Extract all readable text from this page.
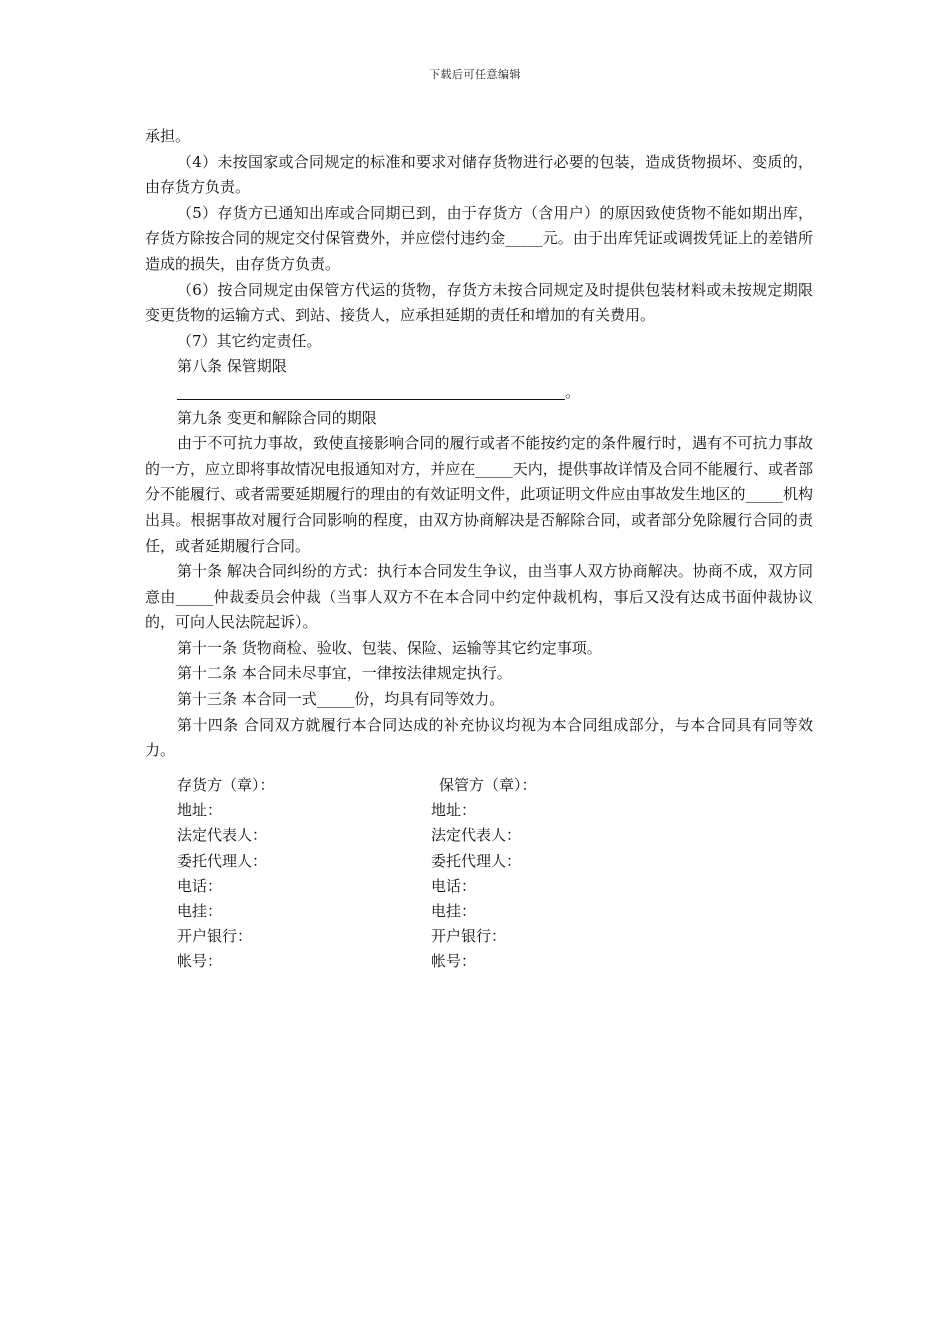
下载后可任意编辑

承担。

（4）未按国家或合同规定的标准和要求对储存货物进行必要的包装，造成货物损坏、变质的，由存货方负责。

（5）存货方已通知出库或合同期已到，由于存货方（含用户）的原因致使货物不能如期出库，存货方除按合同的规定交付保管费外，并应偿付违约金_____元。由于出库凭证或调拨凭证上的差错所造成的损失，由存货方负责。

（6）按合同规定由保管方代运的货物，存货方未按合同规定及时提供包装材料或未按规定期限变更货物的运输方式、到站、接货人，应承担延期的责任和增加的有关费用。

（7）其它约定责任。

第八条 保管期限

。

第九条 变更和解除合同的期限

由于不可抗力事故，致使直接影响合同的履行或者不能按约定的条件履行时，遇有不可抗力事故的一方，应立即将事故情况电报通知对方，并应在_____天内，提供事故详情及合同不能履行、或者部分不能履行、或者需要延期履行的理由的有效证明文件，此项证明文件应由事故发生地区的_____机构出具。根据事故对履行合同影响的程度，由双方协商解决是否解除合同，或者部分免除履行合同的责任，或者延期履行合同。

第十条 解决合同纠纷的方式：执行本合同发生争议，由当事人双方协商解决。协商不成，双方同意由_____仲裁委员会仲裁（当事人双方不在本合同中约定仲裁机构，事后又没有达成书面仲裁协议的，可向人民法院起诉）。

第十一条 货物商检、验收、包装、保险、运输等其它约定事项。

第十二条 本合同未尽事宜，一律按法律规定执行。

第十三条 本合同一式_____份，均具有同等效力。

第十四条 合同双方就履行本合同达成的补充协议均视为本合同组成部分，与本合同具有同等效力。

存货方（章）：	保管方（章）：
地址：	地址：
法定代表人：	法定代表人：
委托代理人：	委托代理人：
电话：	电话：
电挂：	电挂：
开户银行：	开户银行：
帐号：	帐号：
